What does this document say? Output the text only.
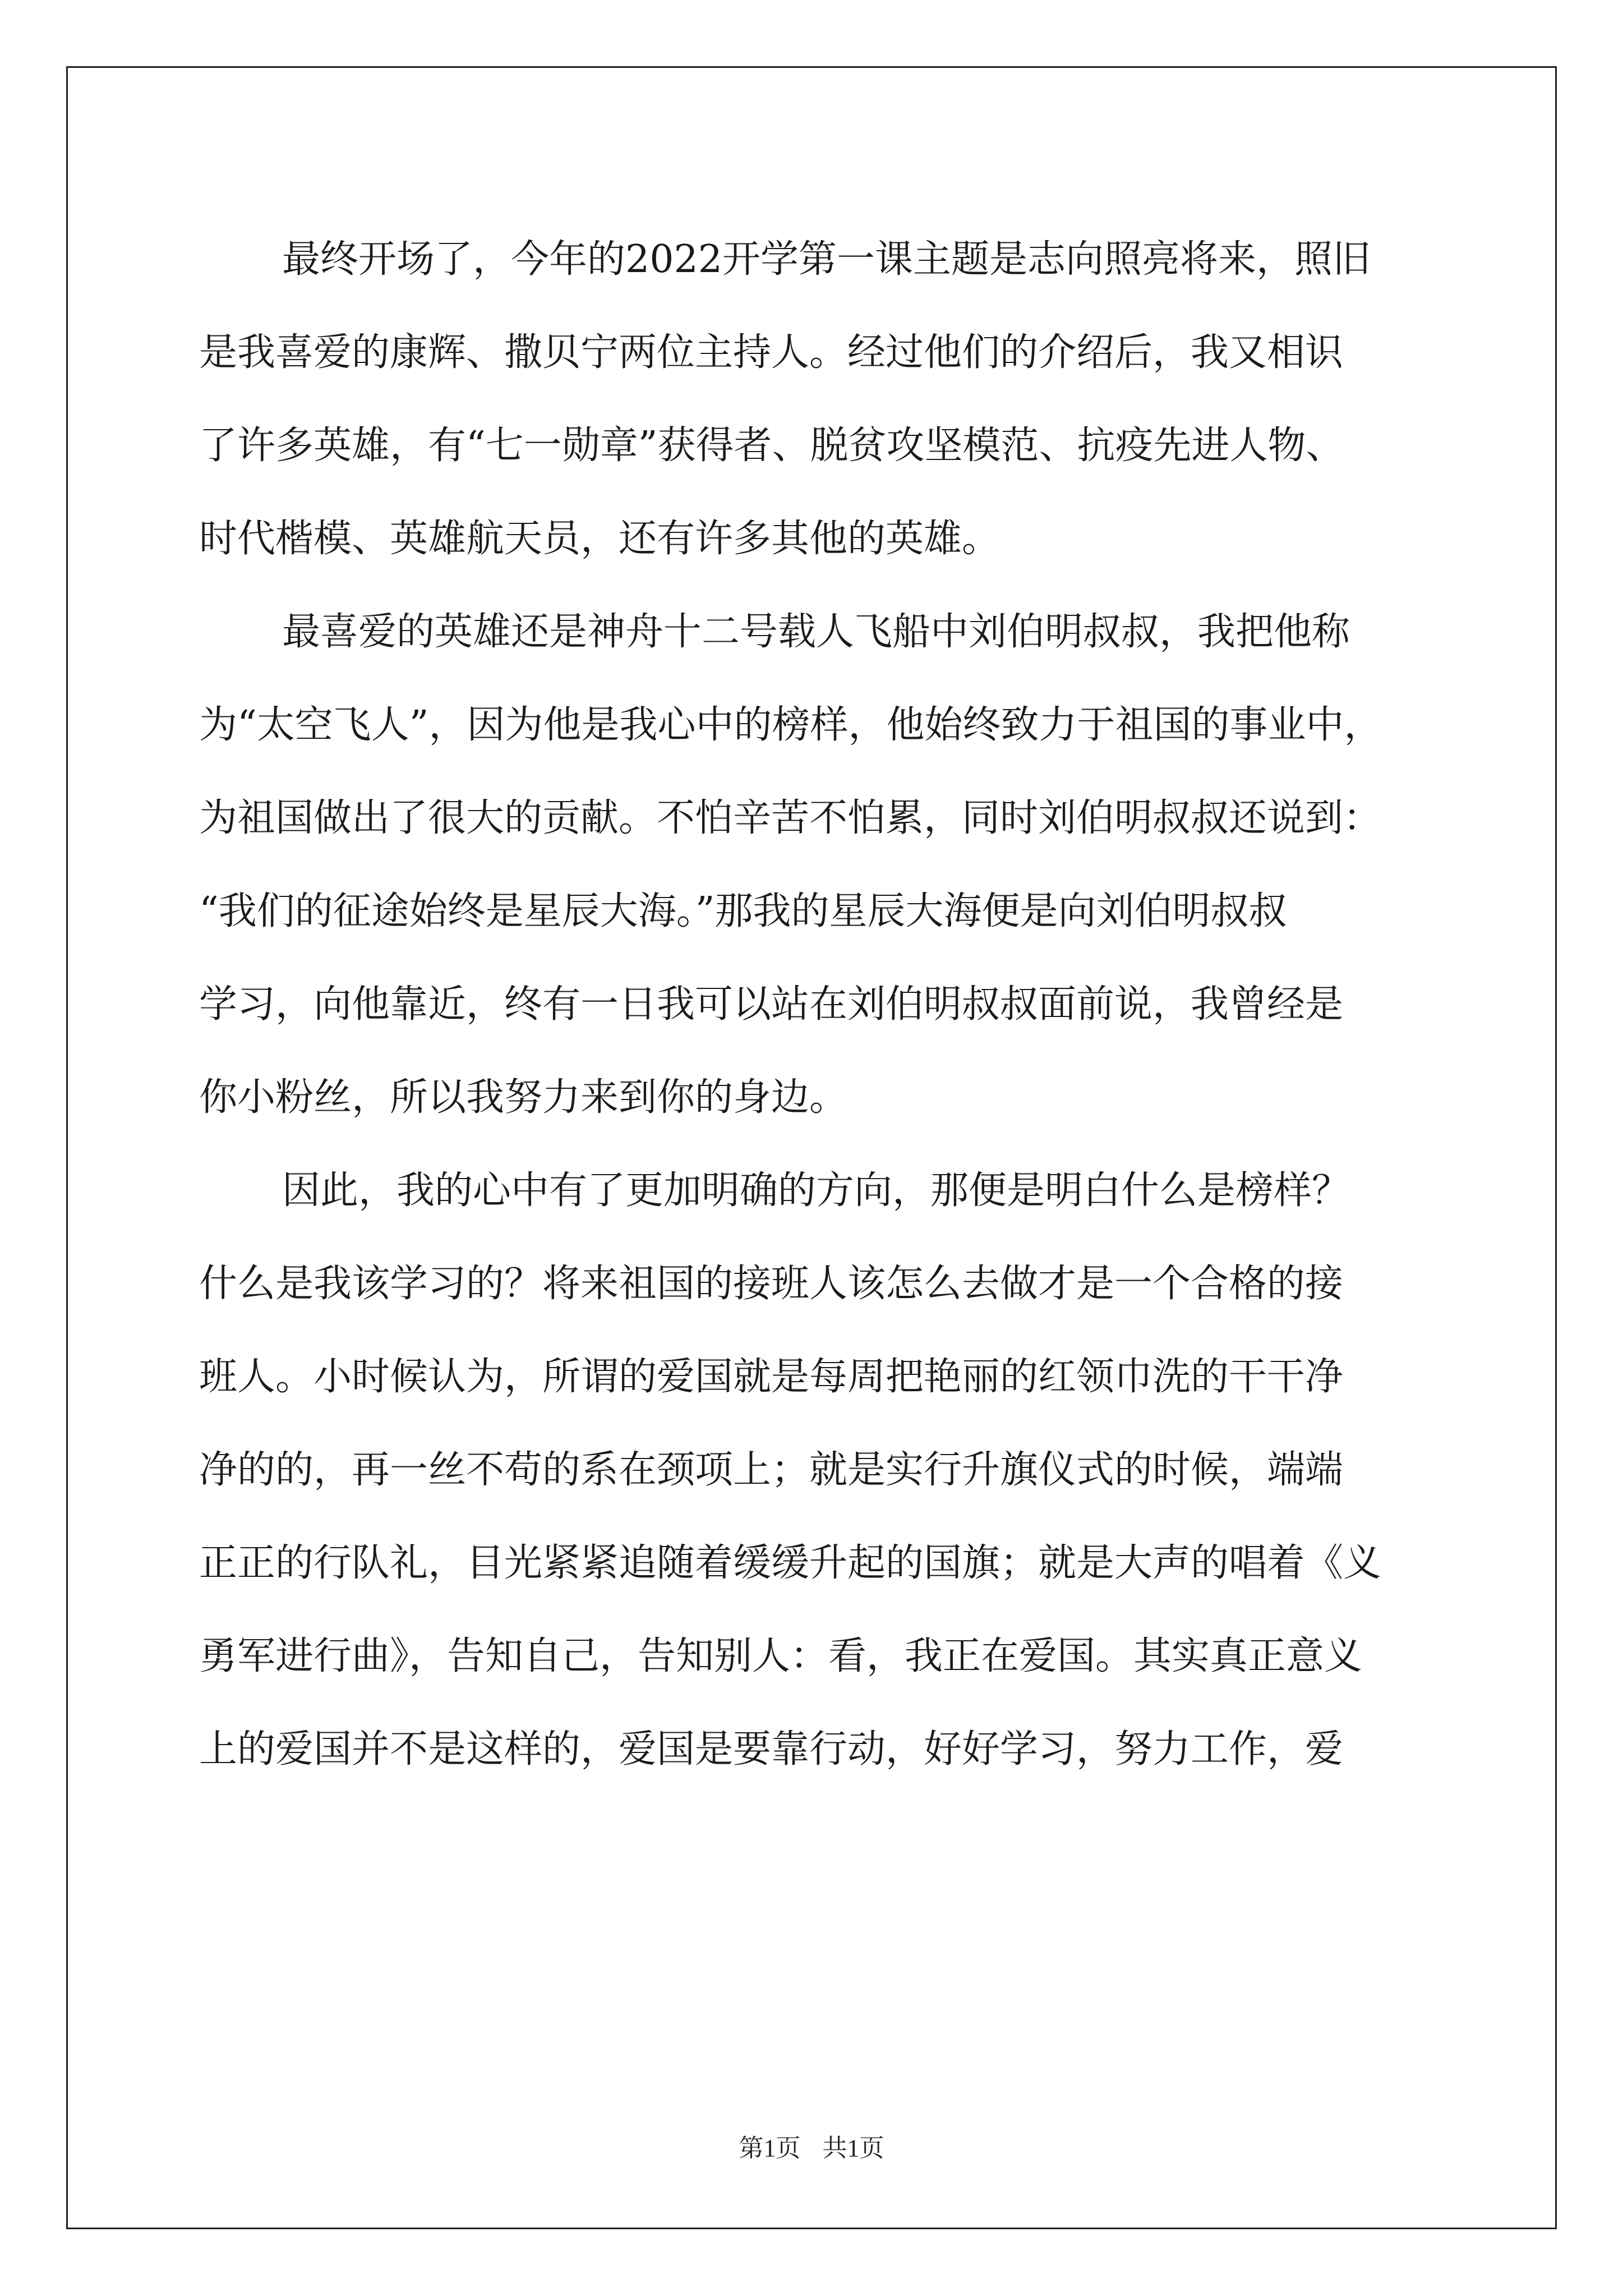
最终开场了，今年的2022开学第一课主题是志向照亮将来，照旧
是我喜爱的康辉、撒贝宁两位主持人。经过他们的介绍后，我又相识
了许多英雄，有“七一勋章”获得者、脱贫攻坚模范、抗疫先进人物、
时代楷模、英雄航天员，还有许多其他的英雄。
最喜爱的英雄还是神舟十二号载人飞船中刘伯明叔叔，我把他称
为“太空飞人”，因为他是我心中的榜样，他始终致力于祖国的事业中，
为祖国做出了很大的贡献。不怕辛苦不怕累，同时刘伯明叔叔还说到：
“我们的征途始终是星辰大海。”那我的星辰大海便是向刘伯明叔叔
学习，向他靠近，终有一日我可以站在刘伯明叔叔面前说，我曾经是
你小粉丝，所以我努力来到你的身边。
因此，我的心中有了更加明确的方向，那便是明白什么是榜样？
什么是我该学习的？将来祖国的接班人该怎么去做才是一个合格的接
班人。小时候认为，所谓的爱国就是每周把艳丽的红领巾洗的干干净
净的的，再一丝不苟的系在颈项上；就是实行升旗仪式的时候，端端
正正的行队礼，目光紧紧追随着缓缓升起的国旗；就是大声的唱着《义
勇军进行曲》，告知自己，告知别人：看，我正在爱国。其实真正意义
上的爱国并不是这样的，爱国是要靠行动，好好学习，努力工作，爱
第1页 共1页
